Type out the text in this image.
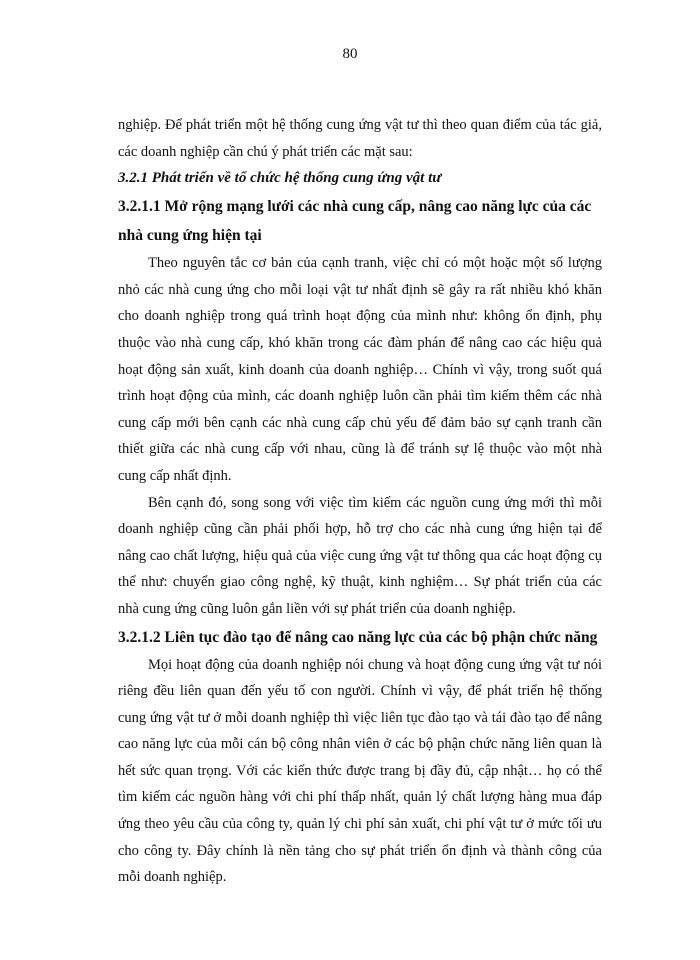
80

nghiệp. Để phát triển một hệ thống cung ứng vật tư thì theo quan điểm của tác giả, các doanh nghiệp cần chú ý phát triển các mặt sau:

3.2.1 Phát triển về tổ chức hệ thống cung ứng vật tư

3.2.1.1 Mở rộng mạng lưới các nhà cung cấp, nâng cao năng lực của các nhà cung ứng hiện tại

Theo nguyên tắc cơ bản của cạnh tranh, việc chỉ có một hoặc một số lượng nhỏ các nhà cung ứng cho mỗi loại vật tư nhất định sẽ gây ra rất nhiều khó khăn cho doanh nghiệp trong quá trình hoạt động của mình như: không ổn định, phụ thuộc vào nhà cung cấp, khó khăn trong các đàm phán để nâng cao các hiệu quả hoạt động sản xuất, kinh doanh của doanh nghiệp… Chính vì vậy, trong suốt quá trình hoạt động của mình, các doanh nghiệp luôn cần phải tìm kiếm thêm các nhà cung cấp mới bên cạnh các nhà cung cấp chủ yếu để đảm bảo sự cạnh tranh cần thiết giữa các nhà cung cấp với nhau, cũng là để tránh sự lệ thuộc vào một nhà cung cấp nhất định.

Bên cạnh đó, song song với việc tìm kiếm các nguồn cung ứng mới thì mỗi doanh nghiệp cũng cần phải phối hợp, hỗ trợ cho các nhà cung ứng hiện tại để nâng cao chất lượng, hiệu quả của việc cung ứng vật tư thông qua các hoạt động cụ thể như: chuyển giao công nghệ, kỹ thuật, kinh nghiệm… Sự phát triển của các nhà cung ứng cũng luôn gắn liền với sự phát triển của doanh nghiệp.

3.2.1.2 Liên tục đào tạo để nâng cao năng lực của các bộ phận chức năng

Mọi hoạt động của doanh nghiệp nói chung và hoạt động cung ứng vật tư nói riêng đều liên quan đến yếu tố con người. Chính vì vậy, để phát triển hệ thống cung ứng vật tư ở mỗi doanh nghiệp thì việc liên tục đào tạo và tái đào tạo để nâng cao năng lực của mỗi cán bộ công nhân viên ở các bộ phận chức năng liên quan là hết sức quan trọng. Với các kiến thức được trang bị đầy đủ, cập nhật… họ có thể tìm kiếm các nguồn hàng với chi phí thấp nhất, quản lý chất lượng hàng mua đáp ứng theo yêu cầu của công ty, quản lý chi phí sản xuất, chi phí vật tư ở mức tối ưu cho công ty. Đây chính là nền tảng cho sự phát triển ổn định và thành công của mỗi doanh nghiệp.
